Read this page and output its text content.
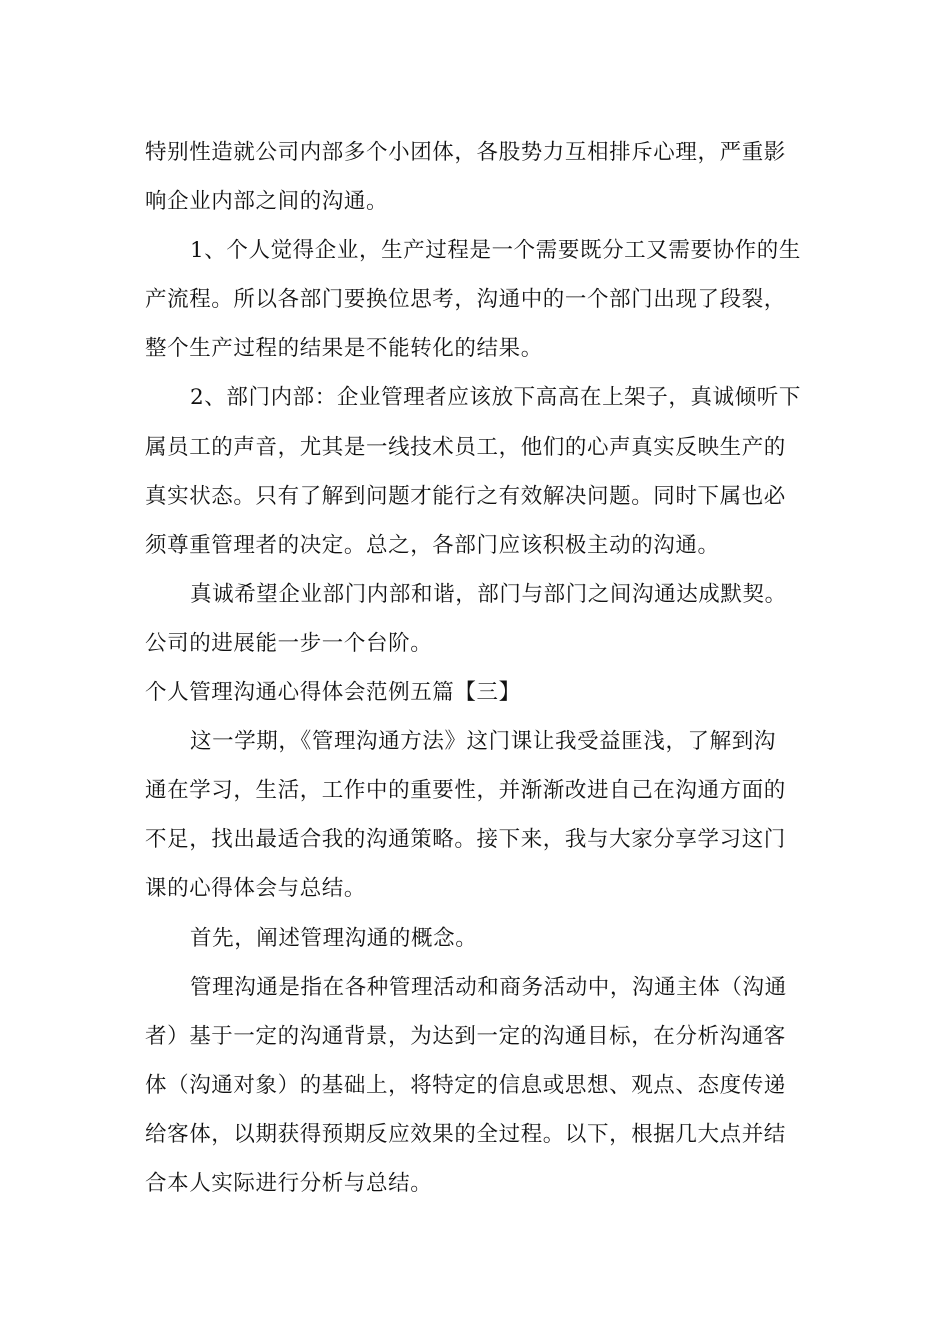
特别性造就公司内部多个小团体，各股势力互相排斥心理，严重影
响企业内部之间的沟通。
1、个人觉得企业，生产过程是一个需要既分工又需要协作的生
产流程。所以各部门要换位思考，沟通中的一个部门出现了段裂，
整个生产过程的结果是不能转化的结果。
2、部门内部：企业管理者应该放下高高在上架子，真诚倾听下
属员工的声音，尤其是一线技术员工，他们的心声真实反映生产的
真实状态。只有了解到问题才能行之有效解决问题。同时下属也必
须尊重管理者的决定。总之，各部门应该积极主动的沟通。
真诚希望企业部门内部和谐，部门与部门之间沟通达成默契。
公司的进展能一步一个台阶。
个人管理沟通心得体会范例五篇【三】
这一学期，《管理沟通方法》这门课让我受益匪浅，了解到沟
通在学习，生活，工作中的重要性，并渐渐改进自己在沟通方面的
不足，找出最适合我的沟通策略。接下来，我与大家分享学习这门
课的心得体会与总结。
首先，阐述管理沟通的概念。
管理沟通是指在各种管理活动和商务活动中，沟通主体（沟通
者）基于一定的沟通背景，为达到一定的沟通目标，在分析沟通客
体（沟通对象）的基础上，将特定的信息或思想、观点、态度传递
给客体，以期获得预期反应效果的全过程。以下，根据几大点并结
合本人实际进行分析与总结。
